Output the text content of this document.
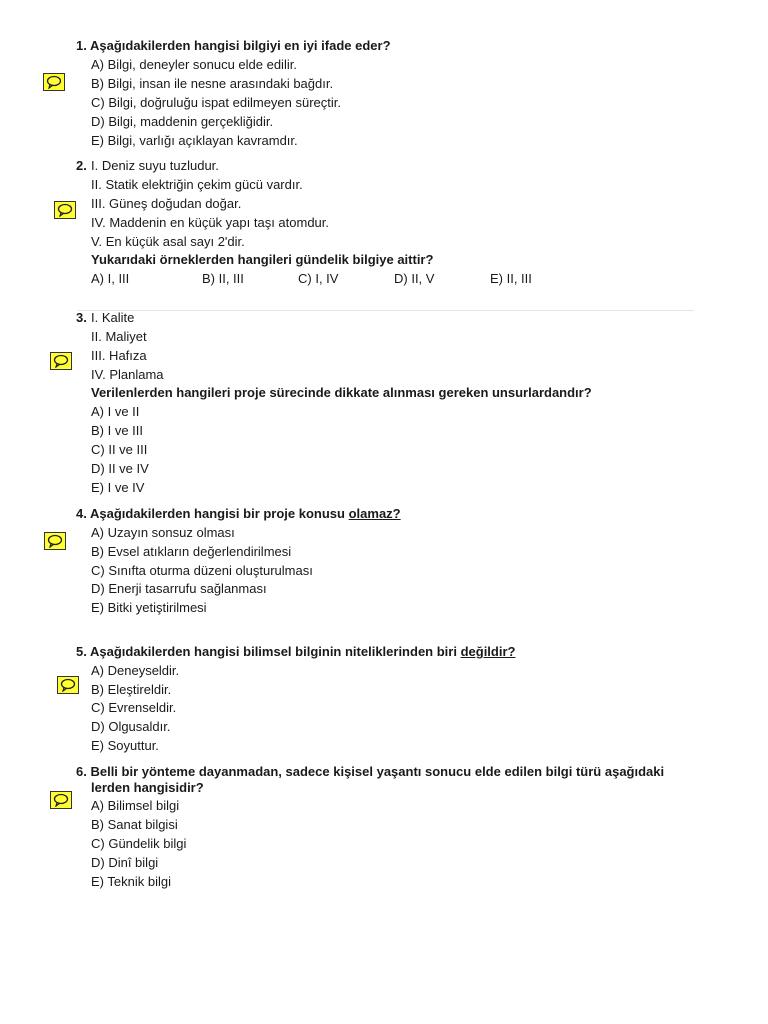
1. Aşağıdakilerden hangisi bilgiyi en iyi ifade eder?
A) Bilgi, deneyler sonucu elde edilir.
B) Bilgi, insan ile nesne arasındaki bağdır.
C) Bilgi, doğruluğu ispat edilmeyen süreçtir.
D) Bilgi, maddenin gerçekliğidir.
E) Bilgi, varlığı açıklayan kavramdır.
2. I. Deniz suyu tuzludur.
II. Statik elektriğin çekim gücü vardır.
III. Güneş doğudan doğar.
IV. Maddenin en küçük yapı taşı atomdur.
V. En küçük asal sayı 2'dir.
Yukarıdaki örneklerden hangileri gündelik bilgiye aittir?
A) I, III	B) II, III	C) I, IV	D) II, V	E) II, III
3. I. Kalite
II. Maliyet
III. Hafıza
IV. Planlama
Verilenlerden hangileri proje sürecinde dikkate alınması gereken unsurlardandır?
A) I ve II
B) I ve III
C) II ve III
D) II ve IV
E) I ve IV
4. Aşağıdakilerden hangisi bir proje konusu olamaz?
A) Uzayın sonsuz olması
B) Evsel atıkların değerlendirilmesi
C) Sınıfta oturma düzeni oluşturulması
D) Enerji tasarrufu sağlanması
E) Bitki yetiştirilmesi
5. Aşağıdakilerden hangisi bilimsel bilginin niteliklerinden biri değildir?
A) Deneyseldir.
B) Eleştireldir.
C) Evrenseldir.
D) Olgusaldır.
E) Soyuttur.
6. Belli bir yönteme dayanmadan, sadece kişisel yaşantı sonucu elde edilen bilgi türü aşağıdaki
lerden hangisidir?
A) Bilimsel bilgi
B) Sanat bilgisi
C) Gündelik bilgi
D) Dinî bilgi
E) Teknik bilgi
